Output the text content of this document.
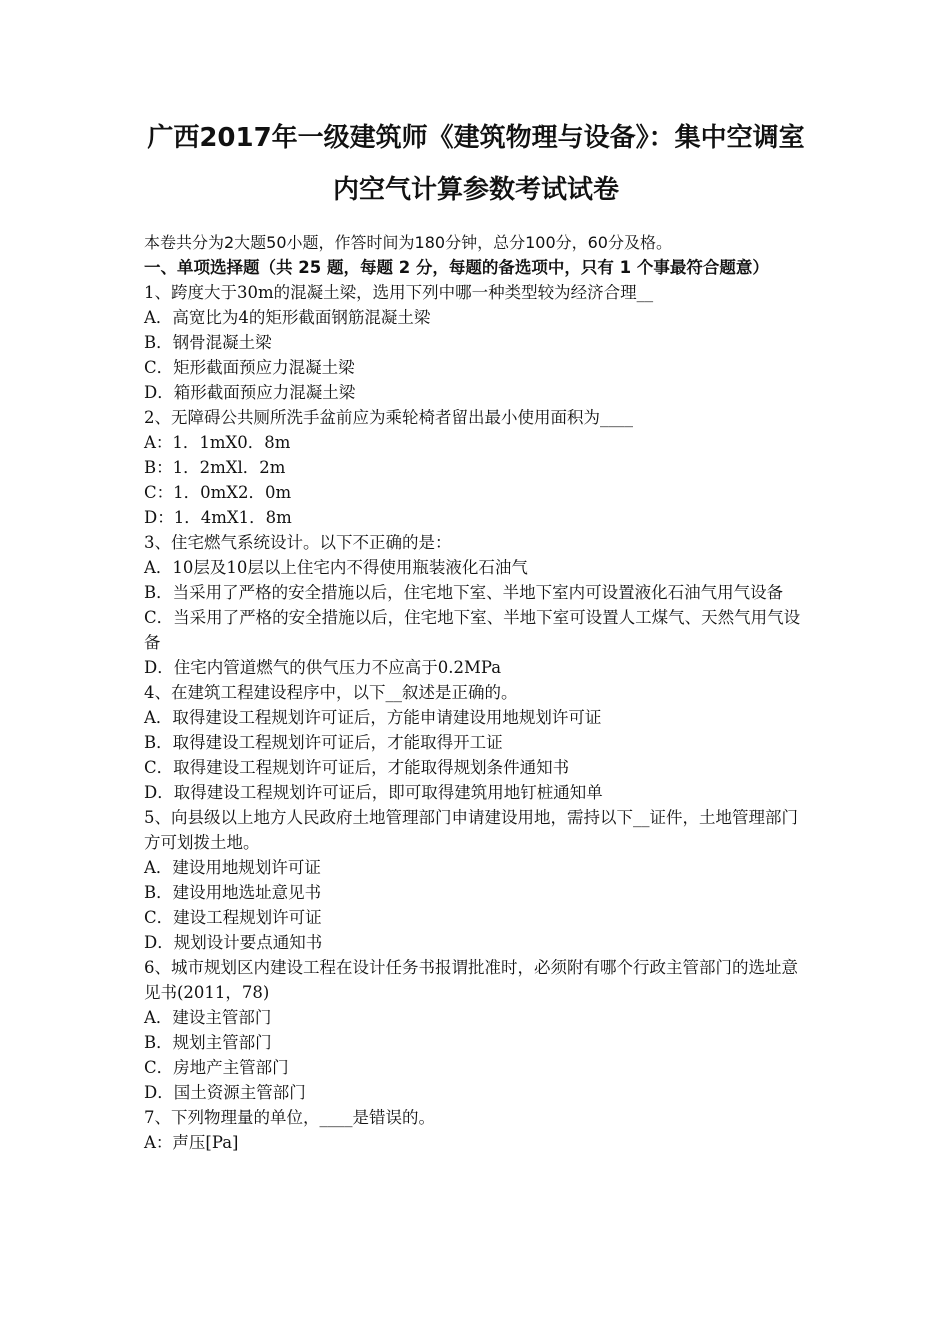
广西2017年一级建筑师《建筑物理与设备》：集中空调室
内空气计算参数考试试卷
本卷共分为2大题50小题，作答时间为180分钟，总分100分，60分及格。
一、单项选择题（共 25 题，每题 2 分，每题的备选项中，只有 1 个事最符合题意）

1、跨度大于30m的混凝土梁，选用下列中哪一种类型较为经济合理__

A．高宽比为4的矩形截面钢筋混凝土梁

B．钢骨混凝土梁

C．矩形截面预应力混凝土梁

D．箱形截面预应力混凝土梁

2、无障碍公共厕所洗手盆前应为乘轮椅者留出最小使用面积为____

A：1．1mX0．8m

B：1．2mXl．2m

C：1．0mX2．0m

D：1．4mX1．8m

3、住宅燃气系统设计。以下不正确的是：

A．10层及10层以上住宅内不得使用瓶装液化石油气

B．当采用了严格的安全措施以后，住宅地下室、半地下室内可设置液化石油气用气设备

C．当采用了严格的安全措施以后，住宅地下室、半地下室可设置人工煤气、天然气用气设备

D．住宅内管道燃气的供气压力不应高于0.2MPa

4、在建筑工程建设程序中，以下__叙述是正确的。

A．取得建设工程规划许可证后，方能申请建设用地规划许可证

B．取得建设工程规划许可证后，才能取得开工证

C．取得建设工程规划许可证后，才能取得规划条件通知书

D．取得建设工程规划许可证后，即可取得建筑用地钉桩通知单

5、向县级以上地方人民政府土地管理部门申请建设用地，需持以下__证件，土地管理部门方可划拨土地。

A．建设用地规划许可证

B．建设用地选址意见书

C．建设工程规划许可证

D．规划设计要点通知书

6、城市规划区内建设工程在设计任务书报谓批准时，必须附有哪个行政主管部门的选址意见书(2011，78)

A．建设主管部门

B．规划主管部门

C．房地产主管部门

D．国土资源主管部门

7、下列物理量的单位，____是错误的。

A：声压[Pa]
